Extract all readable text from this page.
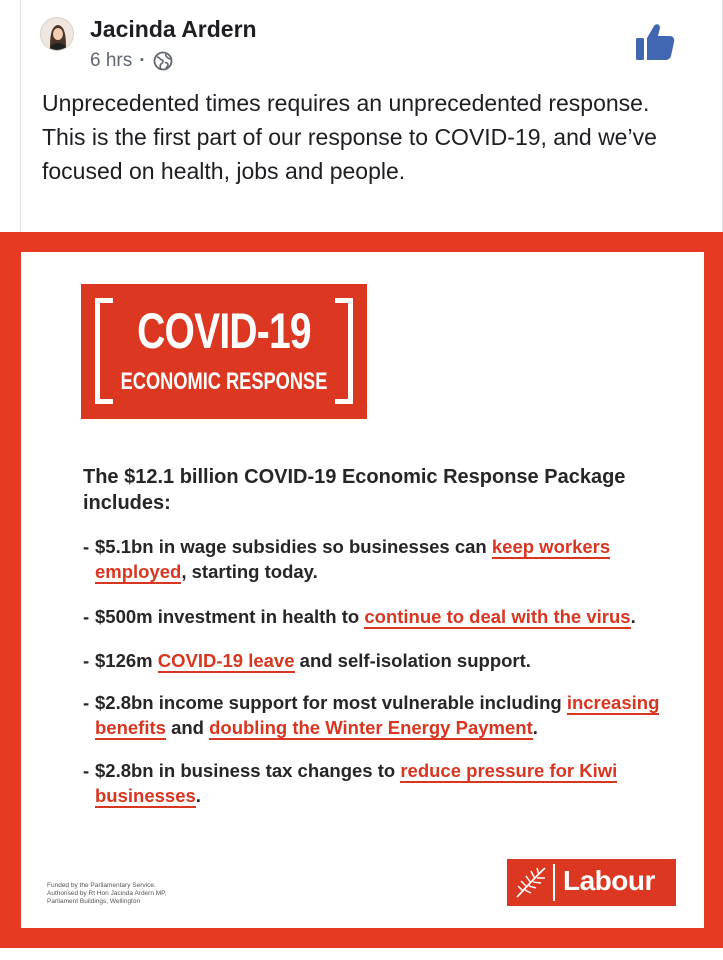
Jacinda Ardern
6 hrs ·
Unprecedented times requires an unprecedented response. This is the first part of our response to COVID-19, and we’ve focused on health, jobs and people.
COVID-19
ECONOMIC RESPONSE
The $12.1 billion COVID-19 Economic Response Package includes:
- $5.1bn in wage subsidies so businesses can keep workers employed, starting today.
- $500m investment in health to continue to deal with the virus.
- $126m COVID-19 leave and self-isolation support.
- $2.8bn income support for most vulnerable including increasing benefits and doubling the Winter Energy Payment.
- $2.8bn in business tax changes to reduce pressure for Kiwi businesses.
Funded by the Parliamentary Service.
Authorised by Rt Hon Jacinda Ardern MP,
Parliament Buildings, Wellington
Labour
